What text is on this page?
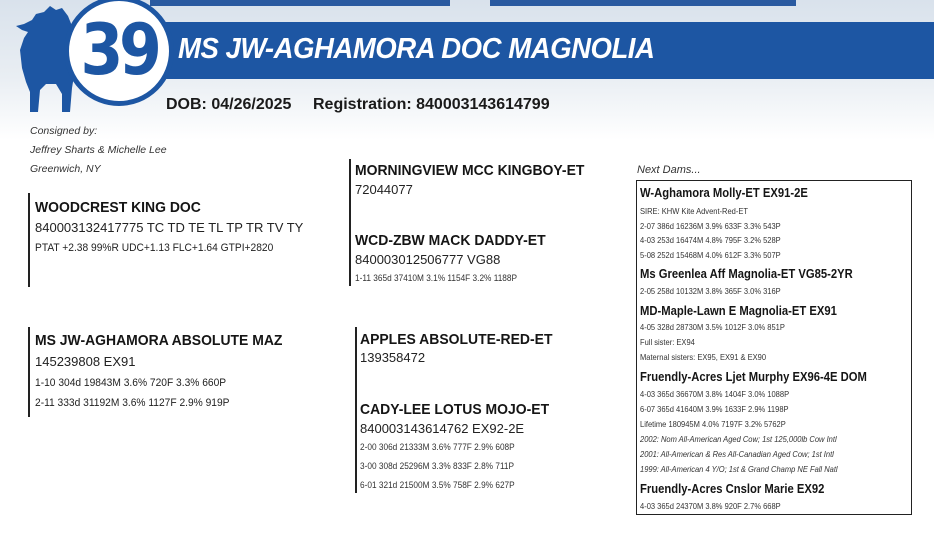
MS JW-AGHAMORA DOC MAGNOLIA
39
DOB: 04/26/2025 Registration: 840003143614799
Consigned by:
Jeffrey Sharts & Michelle Lee
Greenwich, NY
WOODCREST KING DOC
840003132417775 TC TD TE TL TP TR TV TY
PTAT +2.38 99%R UDC+1.13 FLC+1.64 GTPI+2820
MS JW-AGHAMORA ABSOLUTE MAZ
145239808 EX91
1-10 304d 19843M 3.6% 720F 3.3% 660P
2-11 333d 31192M 3.6% 1127F 2.9% 919P
MORNINGVIEW MCC KINGBOY-ET
72044077
WCD-ZBW MACK DADDY-ET
840003012506777 VG88
1-11 365d 37410M 3.1% 1154F 3.2% 1188P
APPLES ABSOLUTE-RED-ET
139358472
CADY-LEE LOTUS MOJO-ET
840003143614762 EX92-2E
2-00 306d 21333M 3.6% 777F 2.9% 608P
3-00 308d 25296M 3.3% 833F 2.8% 711P
6-01 321d 21500M 3.5% 758F 2.9% 627P
Next Dams...
W-Aghamora Molly-ET EX91-2E
SIRE: KHW Kite Advent-Red-ET
2-07 386d 16236M 3.9% 633F 3.3% 543P
4-03 253d 16474M 4.8% 795F 3.2% 528P
5-08 252d 15468M 4.0% 612F 3.3% 507P
Ms Greenlea Aff Magnolia-ET VG85-2YR
2-05 258d 10132M 3.8% 365F 3.0% 316P
MD-Maple-Lawn E Magnolia-ET EX91
4-05 328d 28730M 3.5% 1012F 3.0% 851P
Full sister: EX94
Maternal sisters: EX95, EX91 & EX90
Fruendly-Acres Ljet Murphy EX96-4E DOM
4-03 365d 36670M 3.8% 1404F 3.0% 1088P
6-07 365d 41640M 3.9% 1633F 2.9% 1198P
Lifetime 180945M 4.0% 7197F 3.2% 5762P
2002: Nom All-American Aged Cow; 1st 125,000lb Cow Intl
2001: All-American & Res All-Canadian Aged Cow; 1st Intl
1999: All-American 4 Y/O; 1st & Grand Champ NE Fall Natl
Fruendly-Acres Cnslor Marie EX92
4-03 365d 24370M 3.8% 920F 2.7% 668P
